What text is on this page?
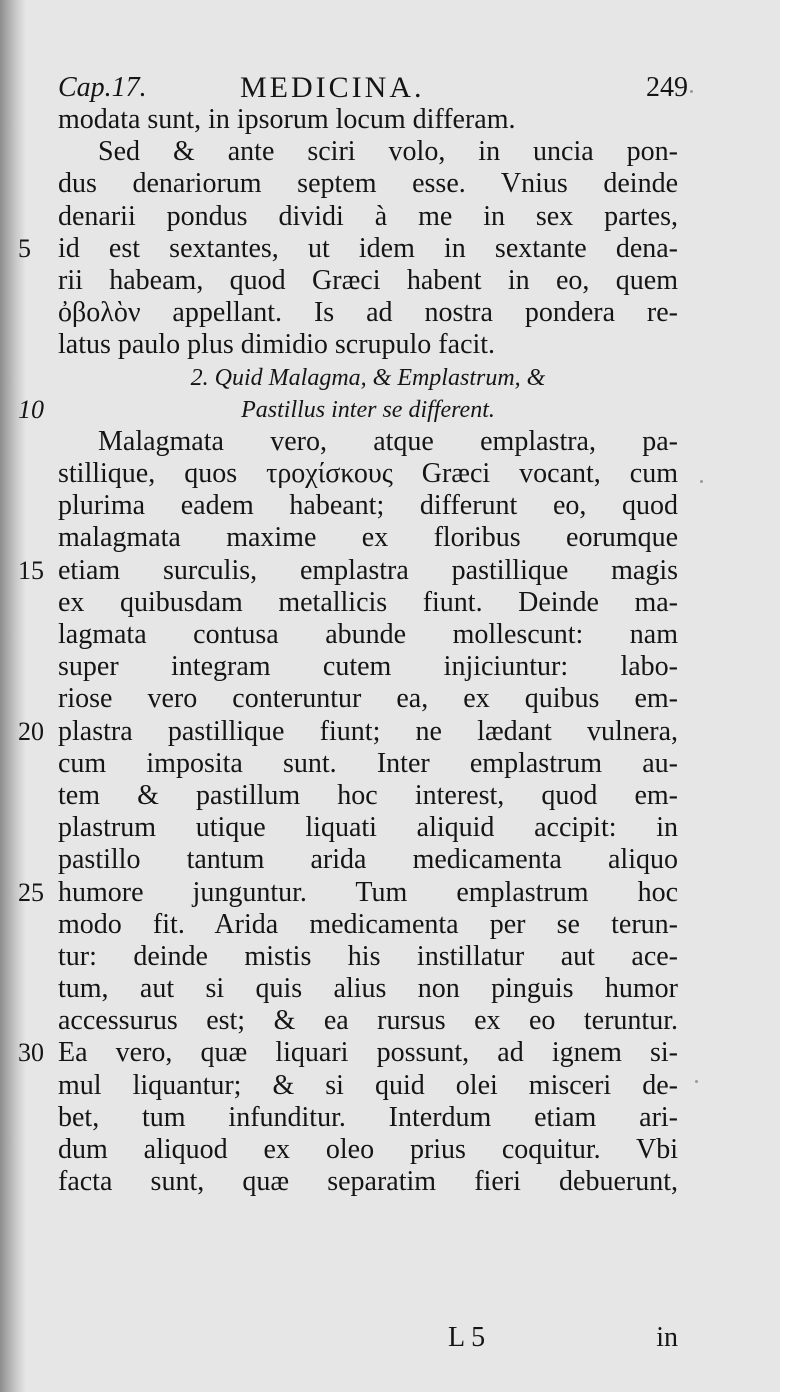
Cap.17.	MEDICINA.	249
modata sunt, in ipsorum locum differam.
Sed & ante sciri volo, in uncia pon-
dus denariorum septem esse. Vnius deinde
denarii pondus dividi à me in sex partes,
5 id est sextantes, ut idem in sextante dena-
rii habeam, quod Græci habent in eo, quem
ὀβολὸν appellant. Is ad nostra pondera re-
latus paulo plus dimidio scrupulo facit.
2. Quid Malagma, & Emplastrum, &
10	Pastillus inter se different.
Malagmata vero, atque emplastra, pa-
stillique, quos τροχίσκους Græci vocant, cum
plurima eadem habeant; differunt eo, quod
malagmata maxime ex floribus eorumque
15 etiam surculis, emplastra pastillique magis
ex quibusdam metallicis fiunt. Deinde ma-
lagmata contusa abunde mollescunt: nam
super integram cutem injiciuntur: labo-
riose vero conteruntur ea, ex quibus em-
20 plastra pastillique fiunt; ne lædant vulnera,
cum imposita sunt. Inter emplastrum au-
tem & pastillum hoc interest, quod em-
plastrum utique liquati aliquid accipit: in
pastillo tantum arida medicamenta aliquo
25 humore junguntur. Tum emplastrum hoc
modo fit. Arida medicamenta per se terun-
tur: deinde mistis his instillatur aut ace-
tum, aut si quis alius non pinguis humor
accessurus est; & ea rursus ex eo teruntur.
30 Ea vero, quæ liquari possunt, ad ignem si-
mul liquantur; & si quid olei misceri de-
bet, tum infunditur. Interdum etiam ari-
dum aliquod ex oleo prius coquitur. Vbi
facta sunt, quæ separatim fieri debuerunt,
L 5	in
